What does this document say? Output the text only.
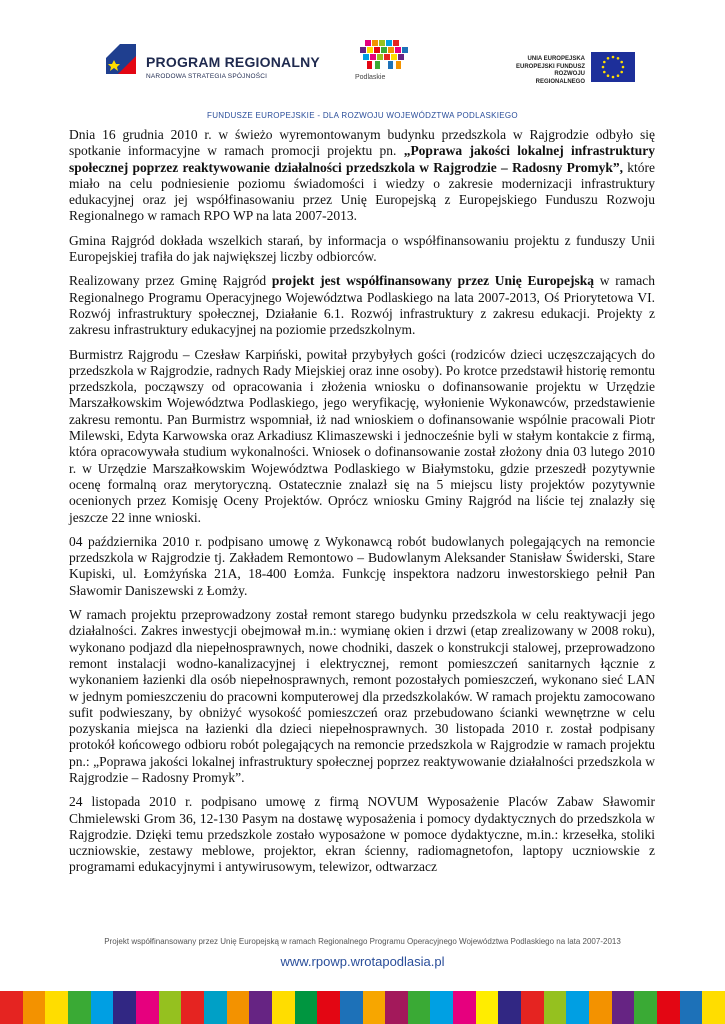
PROGRAM REGIONALNY
NARODOWA STRATEGIA SPÓJNOŚCI	Podlaskie
UNIA EUROPEJSKA
EUROPEJSKI FUNDUSZ
ROZWOJU REGIONALNEGO
FUNDUSZE EUROPEJSKIE - DLA ROZWOJU WOJEWÓDZTWA PODLASKIEGO

Dnia 16 grudnia 2010 r. w świeżo wyremontowanym budynku przedszkola w Rajgrodzie odbyło się spotkanie informacyjne w ramach promocji projektu pn. „Poprawa jakości lokalnej infrastruktury społecznej poprzez reaktywowanie działalności przedszkola w Rajgrodzie – Radosny Promyk”, które miało na celu podniesienie poziomu świadomości i wiedzy o zakresie modernizacji infrastruktury edukacyjnej oraz jej współfinasowaniu przez Unię Europejską z Europejskiego Funduszu Rozwoju Regionalnego w ramach RPO WP na lata 2007-2013.

Gmina Rajgród dokłada wszelkich starań, by informacja o współfinansowaniu projektu z funduszy Unii Europejskiej trafiła do jak największej liczby odbiorców.

Realizowany przez Gminę Rajgród projekt jest współfinansowany przez Unię Europejską w ramach Regionalnego Programu Operacyjnego Województwa Podlaskiego na lata 2007-2013, Oś Priorytetowa VI. Rozwój infrastruktury społecznej, Działanie 6.1. Rozwój infrastruktury z zakresu edukacji. Projekty z zakresu infrastruktury edukacyjnej na poziomie przedszkolnym.

Burmistrz Rajgrodu – Czesław Karpiński, powitał przybyłych gości (rodziców dzieci uczęszczających do przedszkola w Rajgrodzie, radnych Rady Miejskiej oraz inne osoby). Po krotce przedstawił historię remontu przedszkola, począwszy od opracowania i złożenia wniosku o dofinansowanie projektu w Urzędzie Marszałkowskim Województwa Podlaskiego, jego weryfikację, wyłonienie Wykonawców, przedstawienie zakresu remontu. Pan Burmistrz wspomniał, iż nad wnioskiem o dofinansowanie wspólnie pracowali Piotr Milewski, Edyta Karwowska oraz Arkadiusz Klimaszewski i jednocześnie byli w stałym kontakcie z firmą, która opracowywała studium wykonalności. Wniosek o dofinansowanie został złożony dnia 03 lutego 2010 r. w Urzędzie Marszałkowskim Województwa Podlaskiego w Białymstoku, gdzie przeszedł pozytywnie ocenę formalną oraz merytoryczną. Ostatecznie znalazł się na 5 miejscu listy projektów pozytywnie ocenionych przez Komisję Oceny Projektów. Oprócz wniosku Gminy Rajgród na liście tej znalazły się jeszcze 22 inne wnioski.

04 października 2010 r. podpisano umowę z Wykonawcą robót budowlanych polegających na remoncie przedszkola w Rajgrodzie tj. Zakładem Remontowo – Budowlanym Aleksander Stanisław Świderski, Stare Kupiski, ul. Łomżyńska 21A, 18-400 Łomża. Funkcję inspektora nadzoru inwestorskiego pełnił Pan Sławomir Daniszewski z Łomży.

W ramach projektu przeprowadzony został remont starego budynku przedszkola w celu reaktywacji jego działalności. Zakres inwestycji obejmował m.in.: wymianę okien i drzwi (etap zrealizowany w 2008 roku), wykonano podjazd dla niepełnosprawnych, nowe chodniki, daszek o konstrukcji stalowej, przeprowadzono remont instalacji wodno-kanalizacyjnej i elektrycznej, remont pomieszczeń sanitarnych łącznie z wykonaniem łazienki dla osób niepełnosprawnych, remont pozostałych pomieszczeń, wykonano sieć LAN w jednym pomieszczeniu do pracowni komputerowej dla przedszkolaków. W ramach projektu zamocowano sufit podwieszany, by obniżyć wysokość pomieszczeń oraz przebudowano ścianki wewnętrzne w celu pozyskania miejsca na łazienki dla dzieci niepełnosprawnych. 30 listopada 2010 r. został podpisany protokół końcowego odbioru robót polegających na remoncie przedszkola w Rajgrodzie w ramach projektu pn.: „Poprawa jakości lokalnej infrastruktury społecznej poprzez reaktywowanie działalności przedszkola w Rajgrodzie – Radosny Promyk”.

24 listopada 2010 r. podpisano umowę z firmą NOVUM Wyposażenie Placów Zabaw Sławomir Chmielewski Grom 36, 12-130 Pasym na dostawę wyposażenia i pomocy dydaktycznych do przedszkola w Rajgrodzie. Dzięki temu przedszkole zostało wyposażone w pomoce dydaktyczne, m.in.: krzesełka, stoliki uczniowskie, zestawy meblowe, projektor, ekran ścienny, radiomagnetofon, laptopy uczniowskie z programami edukacyjnymi i antywirusowym, telewizor, odtwarzacz

Projekt współfinansowany przez Unię Europejską w ramach Regionalnego Programu Operacyjnego Województwa Podlaskiego na lata 2007-2013
www.rpowp.wrotapodlasia.pl
